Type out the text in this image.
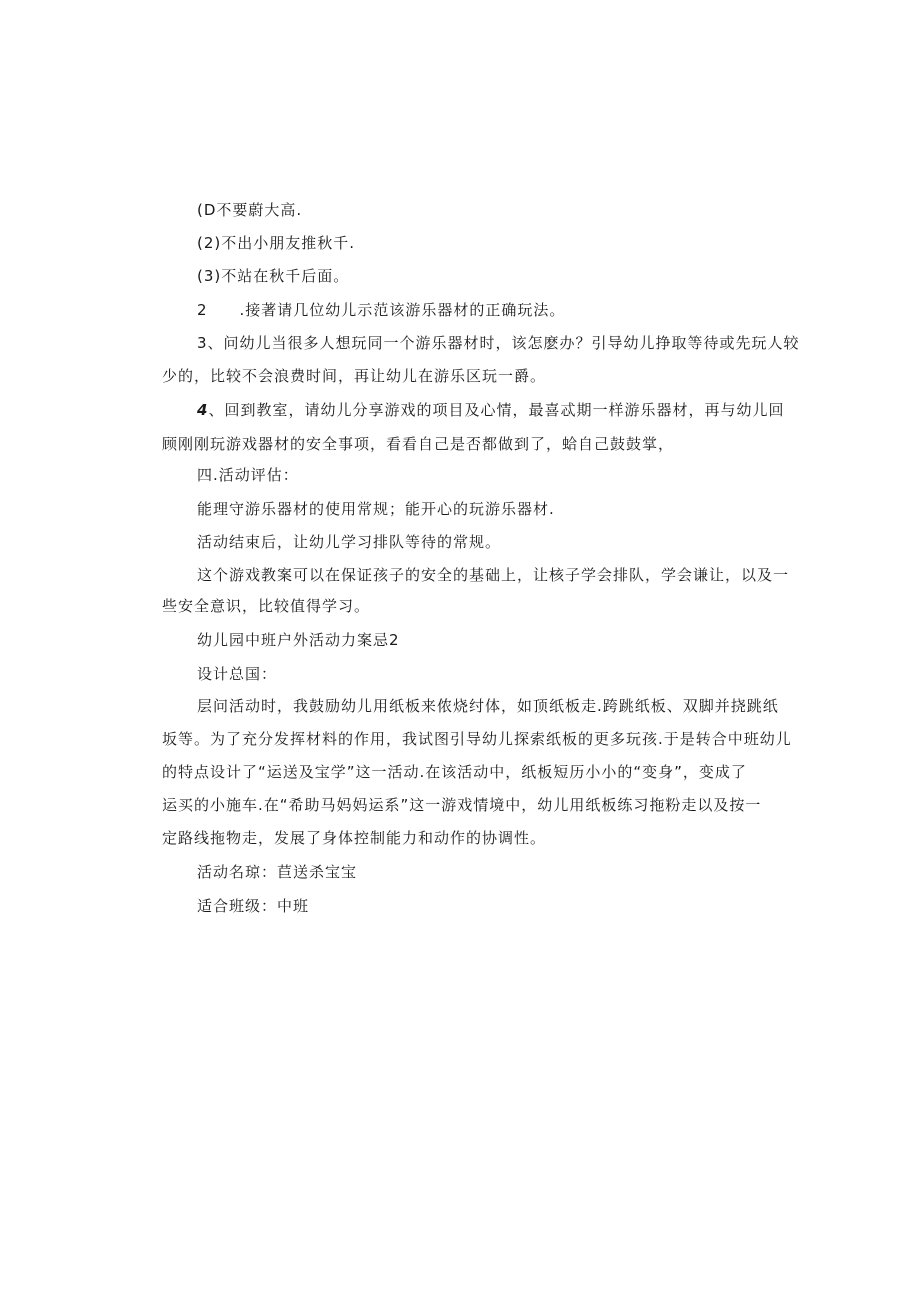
(D不要蔚大高.
(2)不出小朋友推秋千.
(3)不站在秋千后面。
2　　.接著请几位幼儿示范该游乐器材的正确玩法。
3、问幼儿当很多人想玩同一个游乐器材时，该怎麽办？引导幼儿挣取等待或先玩人较
少的，比较不会浪费时间，再让幼儿在游乐区玩一爵。
4、回到教室，请幼儿分享游戏的项目及心情，最喜忒期一样游乐器材，再与幼儿回
顾刚刚玩游戏器材的安全事项，看看自己是否都做到了，蛤自己鼓鼓掌，
四.活动评估：
能理守游乐器材的使用常规；能开心的玩游乐器材.
活动结束后，让幼儿学习排队等待的常规。
这个游戏教案可以在保证孩子的安全的基础上，让核子学会排队，学会谦让，以及一
些安全意识，比较值得学习。
幼儿园中班户外活动力案忌2
设计总国：
层问活动时，我鼓励幼儿用纸板来侬烧纣体，如顶纸板走.跨跳纸板、双脚并挠跳纸
坂等。为了充分发挥材料的作用，我试图引导幼儿探索纸板的更多玩孩.于是转合中班幼儿
的特点设计了“运送及宝学”这一活动.在该活动中，纸板短历小小的“变身”，变成了
运买的小施车.在“希助马妈妈运系”这一游戏情境中，幼儿用纸板练习拖粉走以及按一
定路线拖物走，发展了身体控制能力和动作的协调性。
活动名琼：苣送杀宝宝
适合班级：中班
